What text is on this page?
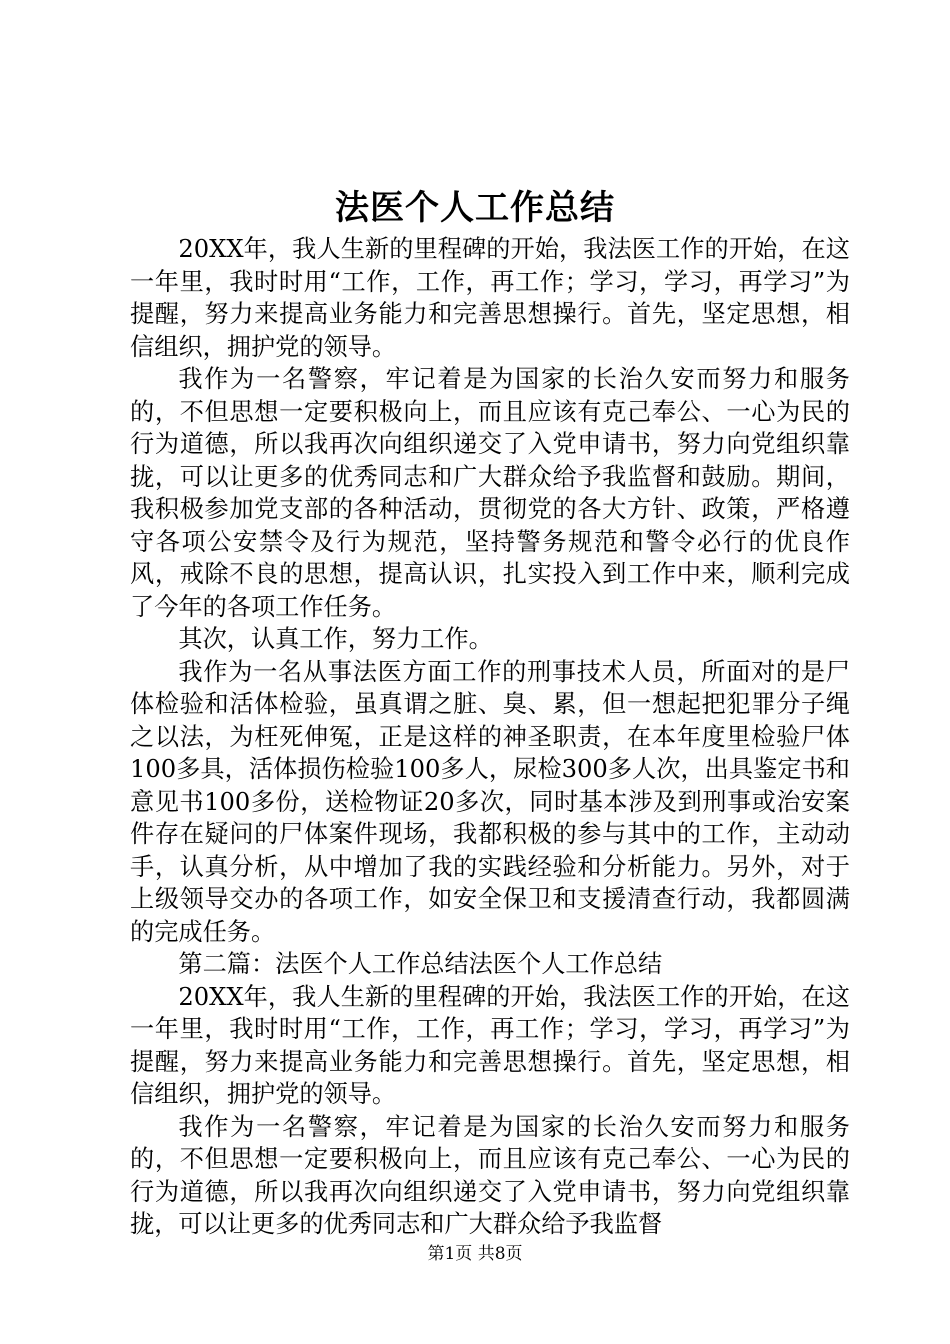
法医个人工作总结

20XX年，我人生新的里程碑的开始，我法医工作的开始，在这一年里，我时时用“工作，工作，再工作；学习，学习，再学习”为提醒，努力来提高业务能力和完善思想操行。首先，坚定思想，相信组织，拥护党的领导。

我作为一名警察，牢记着是为国家的长治久安而努力和服务的，不但思想一定要积极向上，而且应该有克己奉公、一心为民的行为道德，所以我再次向组织递交了入党申请书，努力向党组织靠拢，可以让更多的优秀同志和广大群众给予我监督和鼓励。期间，我积极参加党支部的各种活动，贯彻党的各大方针、政策，严格遵守各项公安禁令及行为规范，坚持警务规范和警令必行的优良作风，戒除不良的思想，提高认识，扎实投入到工作中来，顺利完成了今年的各项工作任务。

其次，认真工作，努力工作。

我作为一名从事法医方面工作的刑事技术人员，所面对的是尸体检验和活体检验，虽真谓之脏、臭、累，但一想起把犯罪分子绳之以法，为枉死伸冤，正是这样的神圣职责，在本年度里检验尸体100多具，活体损伤检验100多人，尿检300多人次，出具鉴定书和意见书100多份，送检物证20多次，同时基本涉及到刑事或治安案件存在疑问的尸体案件现场，我都积极的参与其中的工作，主动动手，认真分析，从中增加了我的实践经验和分析能力。另外，对于上级领导交办的各项工作，如安全保卫和支援清查行动，我都圆满的完成任务。

第二篇：法医个人工作总结法医个人工作总结

20XX年，我人生新的里程碑的开始，我法医工作的开始，在这一年里，我时时用“工作，工作，再工作；学习，学习，再学习”为提醒，努力来提高业务能力和完善思想操行。首先，坚定思想，相信组织，拥护党的领导。

我作为一名警察，牢记着是为国家的长治久安而努力和服务的，不但思想一定要积极向上，而且应该有克己奉公、一心为民的行为道德，所以我再次向组织递交了入党申请书，努力向党组织靠拢，可以让更多的优秀同志和广大群众给予我监督

第1页 共8页
